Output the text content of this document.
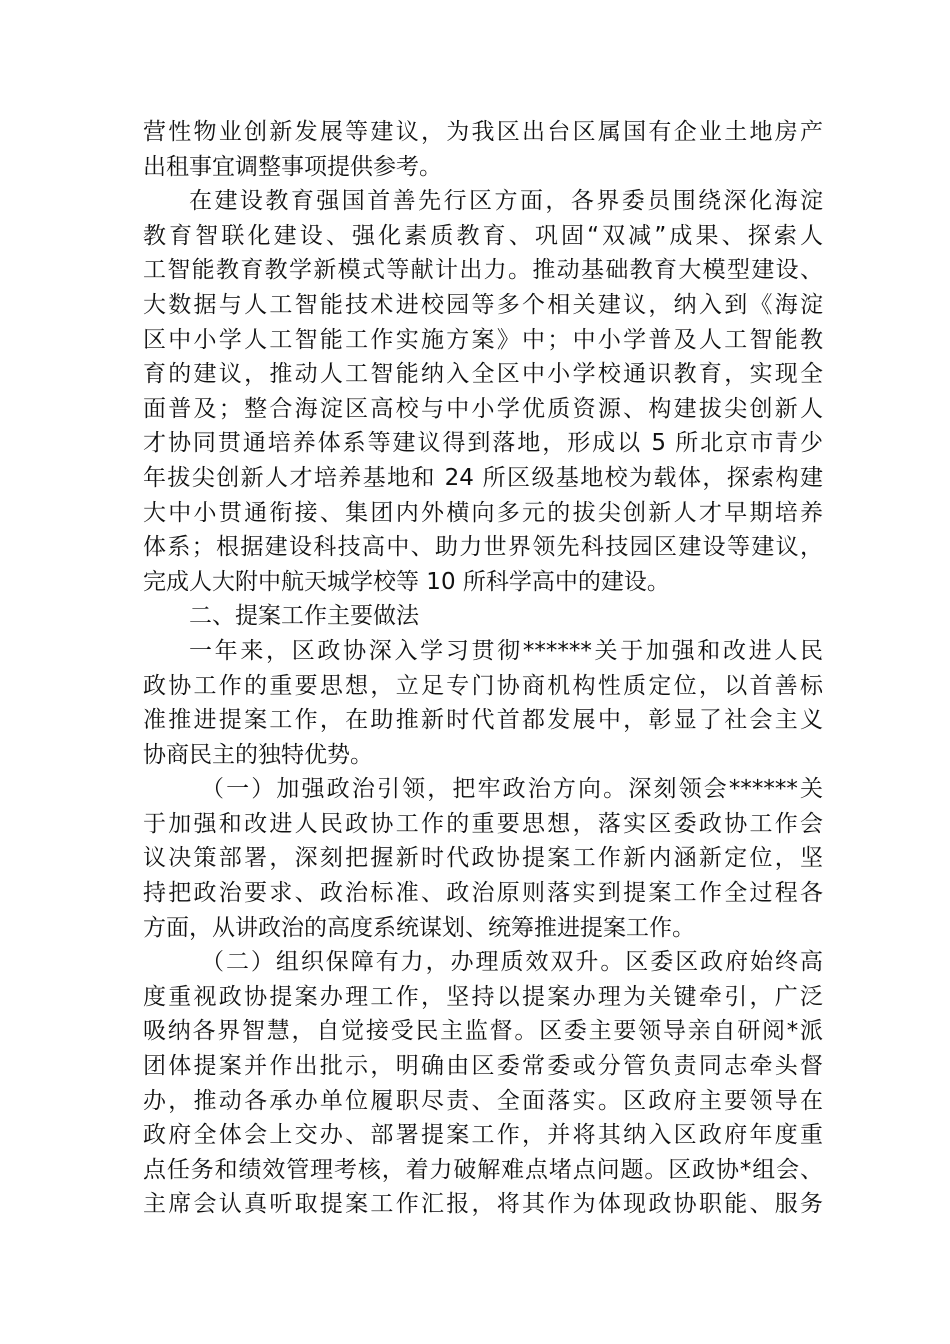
营性物业创新发展等建议，为我区出台区属国有企业土地房产
出租事宜调整事项提供参考。
在建设教育强国首善先行区方面，各界委员围绕深化海淀
教育智联化建设、强化素质教育、巩固“双减”成果、探索人
工智能教育教学新模式等献计出力。推动基础教育大模型建设、
大数据与人工智能技术进校园等多个相关建议，纳入到《海淀
区中小学人工智能工作实施方案》中；中小学普及人工智能教
育的建议，推动人工智能纳入全区中小学校通识教育，实现全
面普及；整合海淀区高校与中小学优质资源、构建拔尖创新人
才协同贯通培养体系等建议得到落地，形成以 5 所北京市青少
年拔尖创新人才培养基地和 24 所区级基地校为载体，探索构建
大中小贯通衔接、集团内外横向多元的拔尖创新人才早期培养
体系；根据建设科技高中、助力世界领先科技园区建设等建议，
完成人大附中航天城学校等 10 所科学高中的建设。
二、提案工作主要做法
一年来，区政协深入学习贯彻******关于加强和改进人民
政协工作的重要思想，立足专门协商机构性质定位，以首善标
准推进提案工作，在助推新时代首都发展中，彰显了社会主义
协商民主的独特优势。
（一）加强政治引领，把牢政治方向。深刻领会******关
于加强和改进人民政协工作的重要思想，落实区委政协工作会
议决策部署，深刻把握新时代政协提案工作新内涵新定位，坚
持把政治要求、政治标准、政治原则落实到提案工作全过程各
方面，从讲政治的高度系统谋划、统筹推进提案工作。
（二）组织保障有力，办理质效双升。区委区政府始终高
度重视政协提案办理工作，坚持以提案办理为关键牵引，广泛
吸纳各界智慧，自觉接受民主监督。区委主要领导亲自研阅*派
团体提案并作出批示，明确由区委常委或分管负责同志牵头督
办，推动各承办单位履职尽责、全面落实。区政府主要领导在
政府全体会上交办、部署提案工作，并将其纳入区政府年度重
点任务和绩效管理考核，着力破解难点堵点问题。区政协*组会、
主席会认真听取提案工作汇报，将其作为体现政协职能、服务
